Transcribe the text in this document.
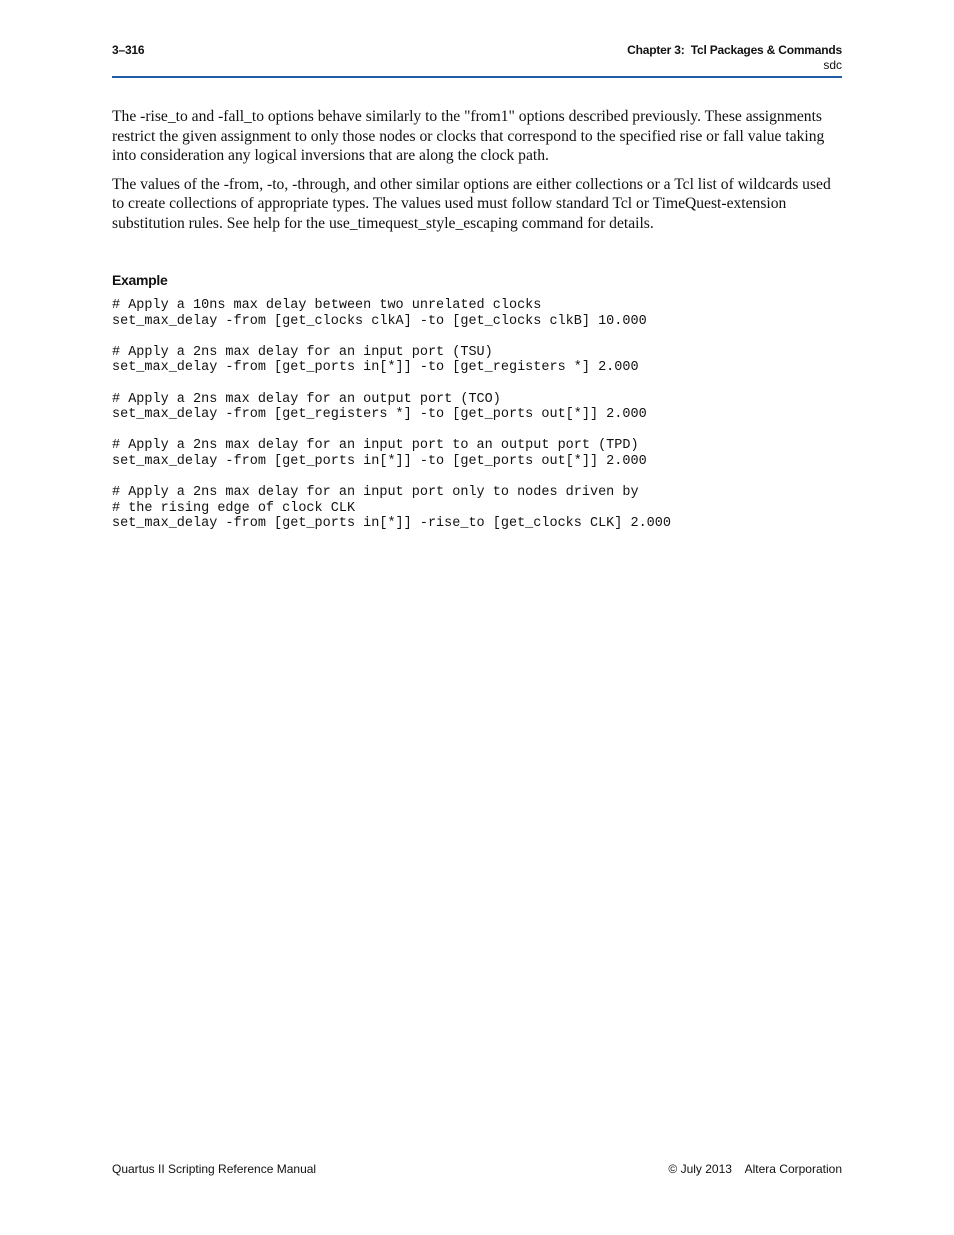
3–316	Chapter 3:  Tcl Packages & Commands
sdc

The -rise_to and -fall_to options behave similarly to the "from1" options described previously. These assignments restrict the given assignment to only those nodes or clocks that correspond to the specified rise or fall value taking into consideration any logical inversions that are along the clock path.

The values of the -from, -to, -through, and other similar options are either collections or a Tcl list of wildcards used to create collections of appropriate types. The values used must follow standard Tcl or TimeQuest-extension substitution rules. See help for the use_timequest_style_escaping command for details.

Example
# Apply a 10ns max delay between two unrelated clocks
set_max_delay -from [get_clocks clkA] -to [get_clocks clkB] 10.000
# Apply a 2ns max delay for an input port (TSU)
set_max_delay -from [get_ports in[*]] -to [get_registers *] 2.000
# Apply a 2ns max delay for an output port (TCO)
set_max_delay -from [get_registers *] -to [get_ports out[*]] 2.000
# Apply a 2ns max delay for an input port to an output port (TPD)
set_max_delay -from [get_ports in[*]] -to [get_ports out[*]] 2.000
# Apply a 2ns max delay for an input port only to nodes driven by
# the rising edge of clock CLK
set_max_delay -from [get_ports in[*]] -rise_to [get_clocks CLK] 2.000
Quartus II Scripting Reference Manual	© July 2013    Altera Corporation
